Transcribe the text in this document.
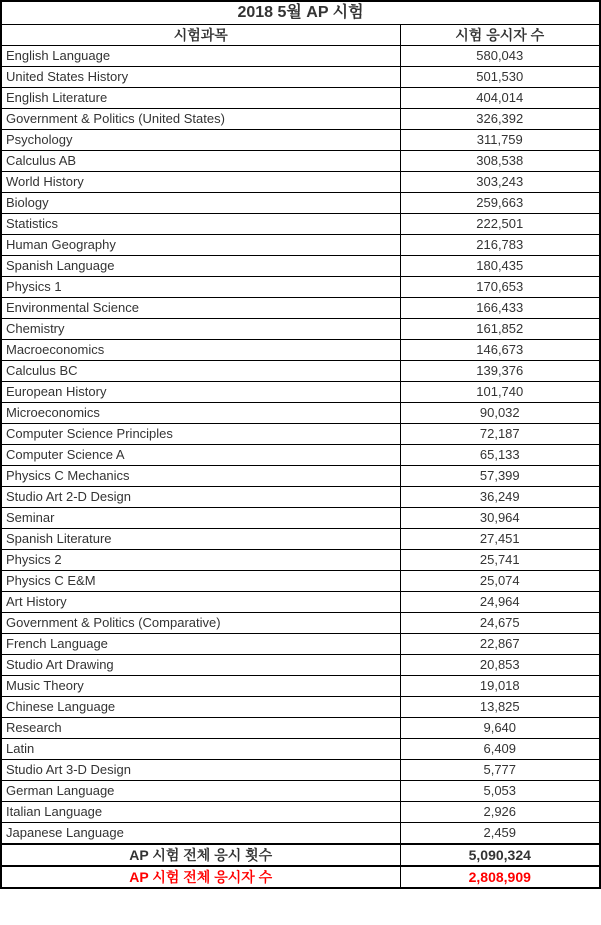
2018 5월 AP 시험	
시험과목	시험 응시자 수
English Language	580,043
United States History	501,530
English Literature	404,014
Government & Politics (United States)	326,392
Psychology	311,759
Calculus AB	308,538
World History	303,243
Biology	259,663
Statistics	222,501
Human Geography	216,783
Spanish Language	180,435
Physics 1	170,653
Environmental Science	166,433
Chemistry	161,852
Macroeconomics	146,673
Calculus BC	139,376
European History	101,740
Microeconomics	90,032
Computer Science Principles	72,187
Computer Science A	65,133
Physics C Mechanics	57,399
Studio Art 2-D Design	36,249
Seminar	30,964
Spanish Literature	27,451
Physics 2	25,741
Physics C E&M	25,074
Art History	24,964
Government & Politics (Comparative)	24,675
French Language	22,867
Studio Art Drawing	20,853
Music Theory	19,018
Chinese Language	13,825
Research	9,640
Latin	6,409
Studio Art 3-D Design	5,777
German Language	5,053
Italian Language	2,926
Japanese Language	2,459
AP 시험 전체 응시 횟수	5,090,324
AP 시험 전체 응시자 수	2,808,909
